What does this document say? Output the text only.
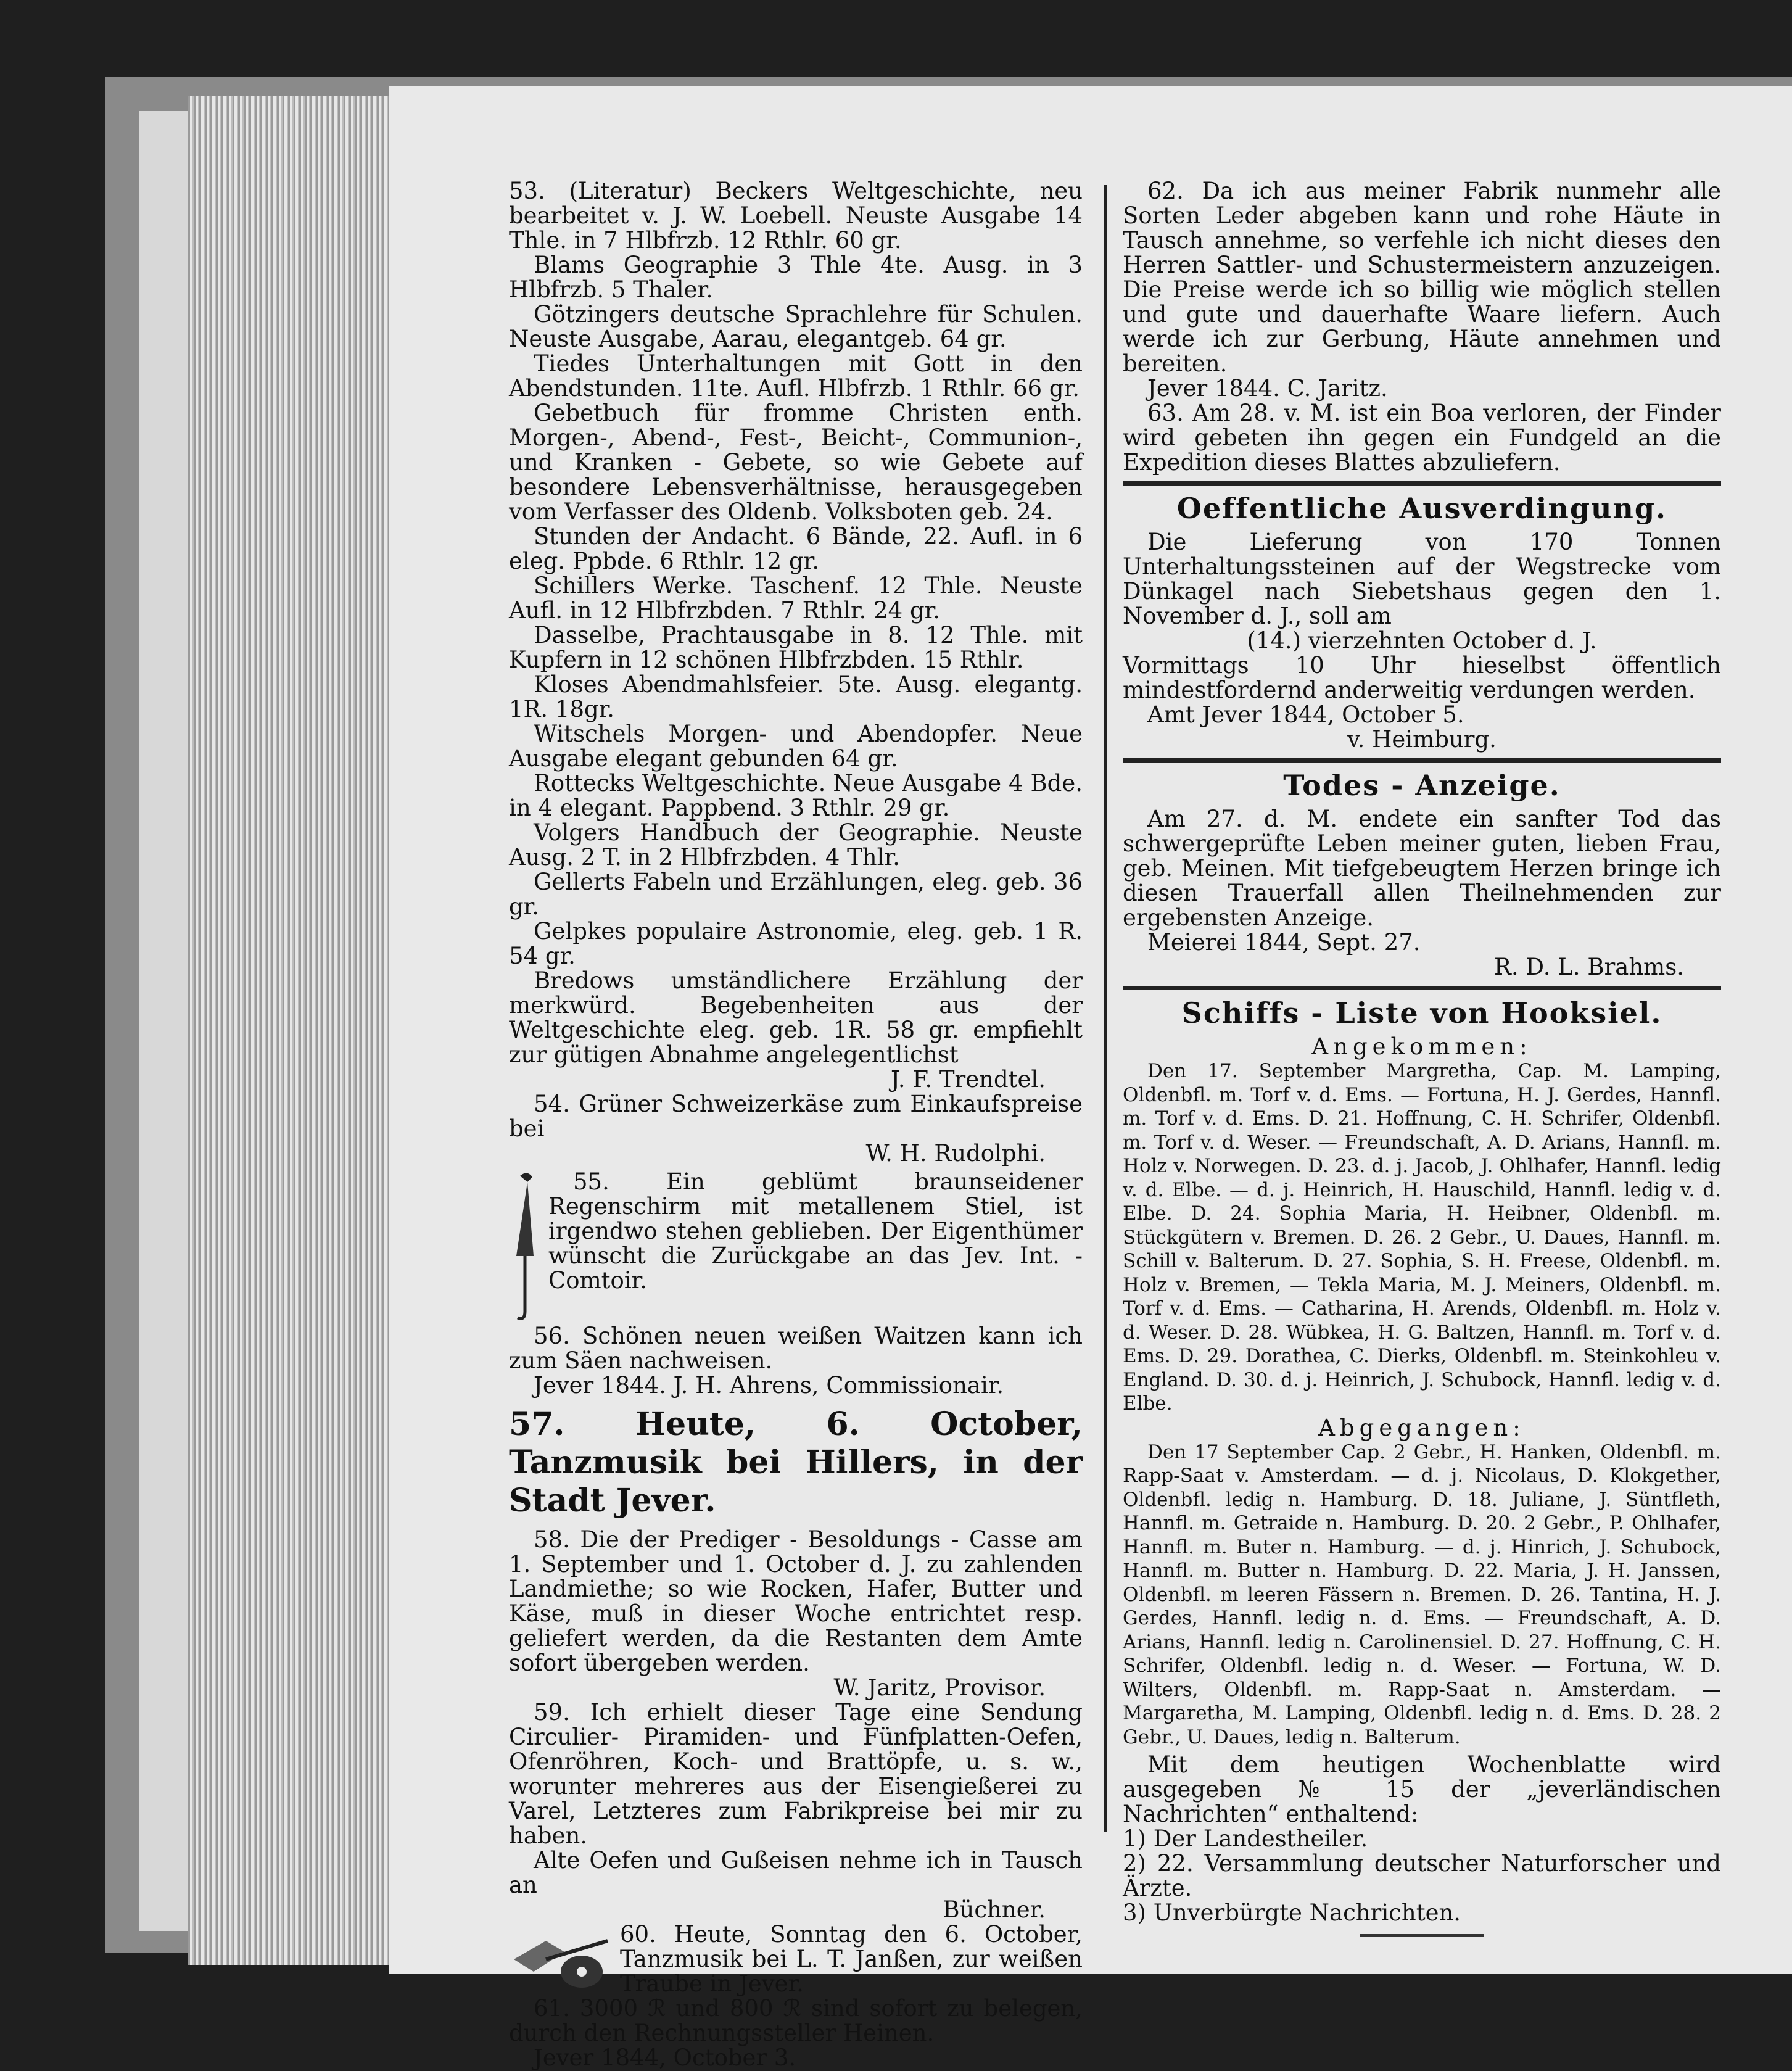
53. (Literatur) Beckers Weltgeschichte, neu bearbeitet v. J. W. Loebell. Neuste Ausgabe 14 Thle. in 7 Hlbfrzb. 12 Rthlr. 60 gr.

Blams Geographie 3 Thle 4te. Ausg. in 3 Hlbfrzb. 5 Thaler.

Götzingers deutsche Sprachlehre für Schulen. Neuste Ausgabe, Aarau, elegantgeb. 64 gr.

Tiedes Unterhaltungen mit Gott in den Abendstunden. 11te. Aufl. Hlbfrzb. 1 Rthlr. 66 gr.

Gebetbuch für fromme Christen enth. Morgen-, Abend-, Fest-, Beicht-, Communion-, und Kranken - Gebete, so wie Gebete auf besondere Lebensverhältnisse, herausgegeben vom Verfasser des Oldenb. Volksboten geb. 24.

Stunden der Andacht. 6 Bände, 22. Aufl. in 6 eleg. Ppbde. 6 Rthlr. 12 gr.

Schillers Werke. Taschenf. 12 Thle. Neuste Aufl. in 12 Hlbfrzbden. 7 Rthlr. 24 gr.

Dasselbe, Prachtausgabe in 8. 12 Thle. mit Kupfern in 12 schönen Hlbfrzbden. 15 Rthlr.

Kloses Abendmahlsfeier. 5te. Ausg. elegantg. 1R. 18gr.

Witschels Morgen- und Abendopfer. Neue Ausgabe elegant gebunden 64 gr.

Rottecks Weltgeschichte. Neue Ausgabe 4 Bde. in 4 elegant. Pappbend. 3 Rthlr. 29 gr.

Volgers Handbuch der Geographie. Neuste Ausg. 2 T. in 2 Hlbfrzbden. 4 Thlr.

Gellerts Fabeln und Erzählungen, eleg. geb. 36 gr.

Gelpkes populaire Astronomie, eleg. geb. 1 R. 54 gr.

Bredows umständlichere Erzählung der merkwürd. Begebenheiten aus der Weltgeschichte eleg. geb. 1R. 58 gr. empfiehlt zur gütigen Abnahme angelegentlichst

J. F. Trendtel.

54. Grüner Schweizerkäse zum Einkaufspreise bei

W. H. Rudolphi.

55. Ein geblümt braunseidener Regenschirm mit metallenem Stiel, ist irgendwo stehen geblieben. Der Eigenthümer wünscht die Zurückgabe an das Jev. Int. - Comtoir.

56. Schönen neuen weißen Waitzen kann ich zum Säen nachweisen.

Jever 1844. J. H. Ahrens, Commissionair.

57. Heute, 6. October, Tanzmusik bei Hillers, in der Stadt Jever.

58. Die der Prediger - Besoldungs - Casse am 1. September und 1. October d. J. zu zahlenden Landmiethe; so wie Rocken, Hafer, Butter und Käse, muß in dieser Woche entrichtet resp. geliefert werden, da die Restanten dem Amte sofort übergeben werden.

W. Jaritz, Provisor.

59. Ich erhielt dieser Tage eine Sendung Circulier- Piramiden- und Fünfplatten-Oefen, Ofenröhren, Koch- und Brattöpfe, u. s. w., worunter mehreres aus der Eisengießerei zu Varel, Letzteres zum Fabrikpreise bei mir zu haben.

Alte Oefen und Gußeisen nehme ich in Tausch an

Büchner.

60. Heute, Sonntag den 6. October, Tanzmusik bei L. T. Janßen, zur weißen Traube in Jever.

61. 3000 ℛ und 800 ℛ sind sofort zu belegen, durch den Rechnungssteller Heinen.

Jever 1844, October 3.

62. Da ich aus meiner Fabrik nunmehr alle Sorten Leder abgeben kann und rohe Häute in Tausch annehme, so verfehle ich nicht dieses den Herren Sattler- und Schustermeistern anzuzeigen. Die Preise werde ich so billig wie möglich stellen und gute und dauerhafte Waare liefern. Auch werde ich zur Gerbung, Häute annehmen und bereiten.

Jever 1844. C. Jaritz.

63. Am 28. v. M. ist ein Boa verloren, der Finder wird gebeten ihn gegen ein Fundgeld an die Expedition dieses Blattes abzuliefern.

Oeffentliche Ausverdingung.

Die Lieferung von 170 Tonnen Unterhaltungssteinen auf der Wegstrecke vom Dünkagel nach Siebetshaus gegen den 1. November d. J., soll am

(14.) vierzehnten October d. J.

Vormittags 10 Uhr hieselbst öffentlich mindestfordernd anderweitig verdungen werden.

Amt Jever 1844, October 5.

v. Heimburg.

Todes - Anzeige.

Am 27. d. M. endete ein sanfter Tod das schwergeprüfte Leben meiner guten, lieben Frau, geb. Meinen. Mit tiefgebeugtem Herzen bringe ich diesen Trauerfall allen Theilnehmenden zur ergebensten Anzeige.

Meierei 1844, Sept. 27.

R. D. L. Brahms.

Schiffs - Liste von Hooksiel.

Angekommen:

Den 17. September Margretha, Cap. M. Lamping, Oldenbfl. m. Torf v. d. Ems. — Fortuna, H. J. Gerdes, Hannfl. m. Torf v. d. Ems. D. 21. Hoffnung, C. H. Schrifer, Oldenbfl. m. Torf v. d. Weser. — Freundschaft, A. D. Arians, Hannfl. m. Holz v. Norwegen. D. 23. d. j. Jacob, J. Ohlhafer, Hannfl. ledig v. d. Elbe. — d. j. Heinrich, H. Hauschild, Hannfl. ledig v. d. Elbe. D. 24. Sophia Maria, H. Heibner, Oldenbfl. m. Stückgütern v. Bremen. D. 26. 2 Gebr., U. Daues, Hannfl. m. Schill v. Balterum. D. 27. Sophia, S. H. Freese, Oldenbfl. m. Holz v. Bremen, — Tekla Maria, M. J. Meiners, Oldenbfl. m. Torf v. d. Ems. — Catharina, H. Arends, Oldenbfl. m. Holz v. d. Weser. D. 28. Wübkea, H. G. Baltzen, Hannfl. m. Torf v. d. Ems. D. 29. Dorathea, C. Dierks, Oldenbfl. m. Steinkohleu v. England. D. 30. d. j. Heinrich, J. Schubock, Hannfl. ledig v. d. Elbe.

Abgegangen:

Den 17 September Cap. 2 Gebr., H. Hanken, Oldenbfl. m. Rapp-Saat v. Amsterdam. — d. j. Nicolaus, D. Klokgether, Oldenbfl. ledig n. Hamburg. D. 18. Juliane, J. Süntfleth, Hannfl. m. Getraide n. Hamburg. D. 20. 2 Gebr., P. Ohlhafer, Hannfl. m. Buter n. Hamburg. — d. j. Hinrich, J. Schubock, Hannfl. m. Butter n. Hamburg. D. 22. Maria, J. H. Janssen, Oldenbfl. m leeren Fässern n. Bremen. D. 26. Tantina, H. J. Gerdes, Hannfl. ledig n. d. Ems. — Freundschaft, A. D. Arians, Hannfl. ledig n. Carolinensiel. D. 27. Hoffnung, C. H. Schrifer, Oldenbfl. ledig n. d. Weser. — Fortuna, W. D. Wilters, Oldenbfl. m. Rapp-Saat n. Amsterdam. — Margaretha, M. Lamping, Oldenbfl. ledig n. d. Ems. D. 28. 2 Gebr., U. Daues, ledig n. Balterum.

Mit dem heutigen Wochenblatte wird ausgegeben № 15 der „jeverländischen Nachrichten“ enthaltend:

1) Der Landestheiler.

2) 22. Versammlung deutscher Naturforscher und Ärzte.

3) Unverbürgte Nachrichten.
